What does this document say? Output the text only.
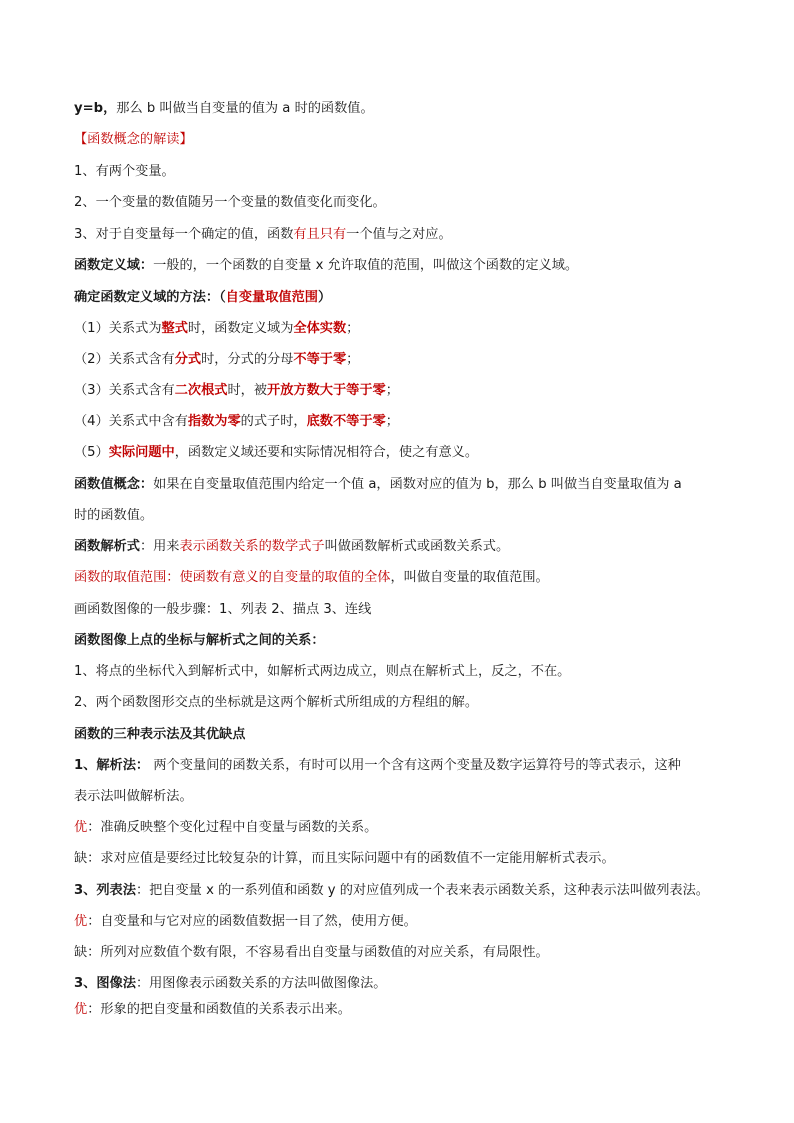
y=b，那么 b 叫做当自变量的值为 a 时的函数值。
【函数概念的解读】
1、有两个变量。
2、一个变量的数值随另一个变量的数值变化而变化。
3、对于自变量每一个确定的值，函数有且只有一个值与之对应。
函数定义域：一般的，一个函数的自变量 x 允许取值的范围，叫做这个函数的定义域。
确定函数定义域的方法：（自变量取值范围）
（1）关系式为整式时，函数定义域为全体实数；
（2）关系式含有分式时，分式的分母不等于零；
（3）关系式含有二次根式时，被开放方数大于等于零；
（4）关系式中含有指数为零的式子时，底数不等于零；
（5）实际问题中，函数定义域还要和实际情况相符合，使之有意义。
函数值概念：如果在自变量取值范围内给定一个值 a，函数对应的值为 b，那么 b 叫做当自变量取值为 a
时的函数值。
函数解析式：用来表示函数关系的数学式子叫做函数解析式或函数关系式。
函数的取值范围：使函数有意义的自变量的取值的全体，叫做自变量的取值范围。
画函数图像的一般步骤：1、列表 2、描点 3、连线
函数图像上点的坐标与解析式之间的关系：
1、将点的坐标代入到解析式中，如解析式两边成立，则点在解析式上，反之，不在。
2、两个函数图形交点的坐标就是这两个解析式所组成的方程组的解。
函数的三种表示法及其优缺点
1、解析法： 两个变量间的函数关系，有时可以用一个含有这两个变量及数字运算符号的等式表示，这种
表示法叫做解析法。
优：准确反映整个变化过程中自变量与函数的关系。
缺：求对应值是要经过比较复杂的计算，而且实际问题中有的函数值不一定能用解析式表示。
3、列表法：把自变量 x 的一系列值和函数 y 的对应值列成一个表来表示函数关系，这种表示法叫做列表法。
优：自变量和与它对应的函数值数据一目了然，使用方便。
缺：所列对应数值个数有限，不容易看出自变量与函数值的对应关系，有局限性。
3、图像法：用图像表示函数关系的方法叫做图像法。
优：形象的把自变量和函数值的关系表示出来。
